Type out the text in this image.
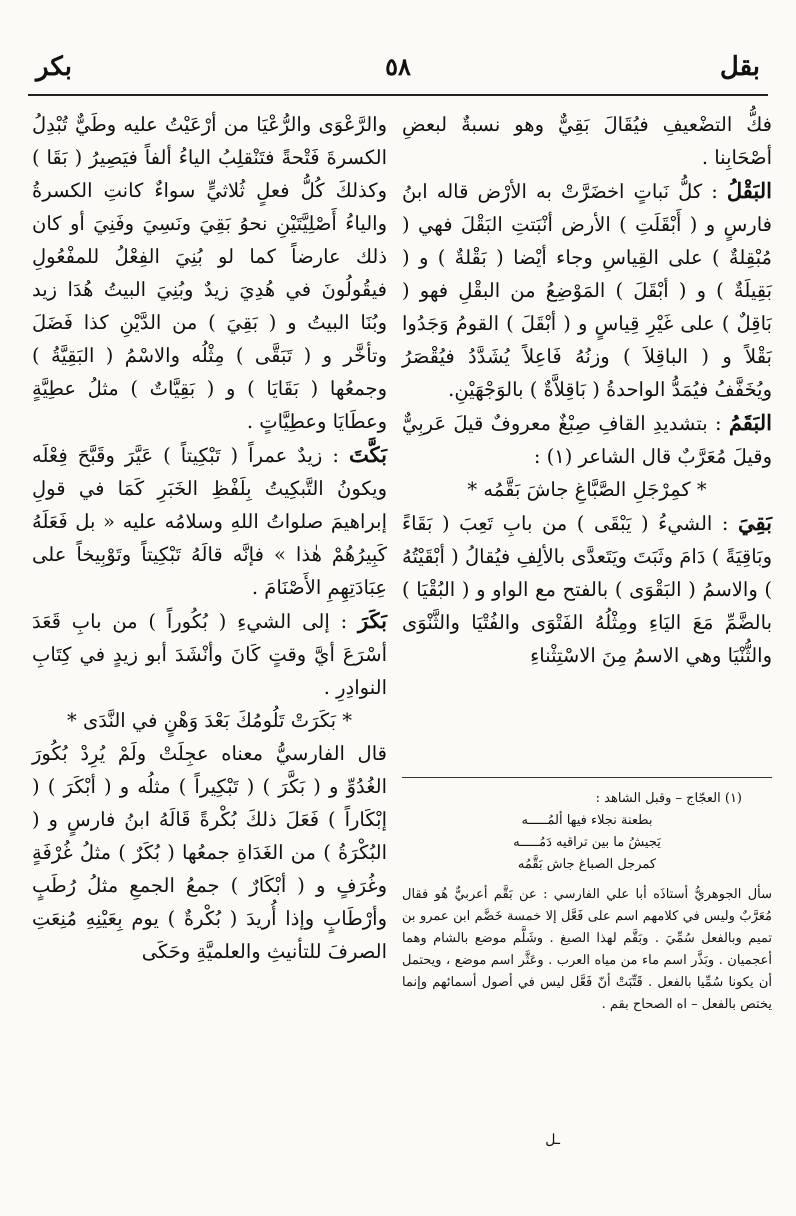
بقل
٥٨
بكر

فكُّ التضْعيفِ فيُقَالَ بَقِيٌّ وهو نسبةٌ لبعضِ أصْحَابِنا .

البَقْلُ : كلُّ نَباتٍ اخضَرَّتْ به الأرْض قاله ابنُ فارسٍ و ( أَبْقَلَتِ ) الأرض أنْبَتتِ البَقْلَ فهي ( مُبْقِلةٌ ) على القِياسِ وجاء أيْضا ( بَقْلةٌ ) و ( بَقِيلَةٌ ) و ( أبْقَلَ ) المَوْضِعُ من البقْلِ فهو ( بَاقِلٌ ) على غَيْرِ قِياسٍ و ( أبْقَلَ ) القومُ وَجَدُوا بَقْلاً و ( الباقِلاَ ) وزنُهُ فَاعِلاً يُشَدَّدُ فيُقْصَرُ ويُخَفَّفُ فيُمَدُّ الواحدةُ ( بَاقِلاَّةٌ ) بالوَجْهَيْنِ.

البَقَمُ : بتشديدِ القافِ صِبْغٌ معروفٌ قيلَ عَربِيٌّ وقيلَ مُعَرَّبٌ قال الشاعر (١) :

* كمِرْجَلِ الصَّبَّاغِ جاشَ بَقَّمُه *

بَقِيَ : الشيءُ ( يَبْقَى ) من بابِ تَعِبَ ( بَقَاءً وبَاقِيَةً ) دَامَ وثَبَتَ ويَتَعدَّى بالألِفِ فيُقالُ ( أبْقَيْتُهُ ) والاسمُ ( البَقْوَى ) بالفتح مع الواو و ( البُقْيَا ) بالضَّمِّ مَعَ اليَاءِ ومِثْلُهُ الفَتْوَى والفُتْيَا والثَّنْوَى والثُّنْيَا وهي الاسمُ مِنَ الاسْتِثْناءِ

(١) العجّاج – وقبل الشاهد :

بطعنة نجلاء فيها ألمُـــــه

يَجيشُ ما بين تراقيه دَمُـــــه

كمرجل الصباغ جاش بَقَّمُه

سأل الجوهريُّ أستاذَه أبا علي الفارسي : عن بَقَّم أعربيٌّ هُو فقال مُعَرَّبٌ وليس في كلامهم اسم على فَعَّل إلا خمسة خَضَّم ابن عمرو بن تميم وبالفعل سُمِّيَ . وبَقَّم لهذا الصبغ . وشَلَّم موضع بالشام وهما أعجميان . وبَذَّر اسم ماء من مياه العرب . وعَثَّر اسم موضع ، ويحتمل أن يكونا سُمِّيا بالفعل . قَتِّبَتْ أنّ فَعَّل ليس في أصول أسمائهم وإنما يختص بالفعل – اه الصحاح بقم .

والرَّعْوَى والرُّعْيَا من أرْعَيْتُ عليه وطَيٌّ تُبْدِلُ الكسرةَ فَتْحةً فتَنْقلِبُ الياءُ ألفاً فيَصِيرُ ( بَقَا ) وكذلكَ كُلُّ فعلٍ ثُلاثيٍّ سواءٌ كانتِ الكسرةُ والياءُ أَصْلِيَّتَيْنِ نحوُ بَقِيَ ونَسِيَ وفَنِيَ أو كان ذلك عارضاً كما لو بُنِيَ الفِعْلُ للمفْعُولِ فيقُولُونَ في هُدِيَ زيدٌ وبُنِيَ البيتُ هُدَا زيد وبُنَا البيتُ و ( بَقِيَ ) من الدَّيْنِ كذا فَضَلَ وتأخَّر و ( تَبَقَّى ) مِثْلُه والاسْمُ ( البَقِيَّةُ ) وجمعُها ( بَقَايَا ) و ( بَقِيَّاتٌ ) مثلُ عطِيَّةٍ وعطَايَا وعطِيَّاتٍ .

بَكَّتَ : زيدٌ عمراً ( تَبْكِيتاً ) عَيَّرَ وقَبَّحَ فِعْلَه ويكونُ التَّبكِيتُ بِلَفْظِ الخَبَرِ كَمَا في قولِ إبراهيمَ صلواتُ اللهِ وسلامُه عليه « بل فَعَلَهُ كَبِيرُهُمْ هٰذا » فإنَّه قالَهُ تَبْكِيتاً وتَوْبِيخاً على عِبَادَتِهِمِ الأَصْنَامَ .

بَكَرَ : إلى الشيءِ ( بُكُوراً ) من بابِ قَعَدَ أسْرَعَ أيَّ وقتٍ كَانَ وأنْشَدَ أبو زيدٍ في كِتَابِ النوادِرِ .

* بَكَرَتْ تَلُومُكَ بَعْدَ وَهْنٍ في النَّدَى *

قال الفارسيُّ معناه عجِلَتْ ولَمْ يُرِدْ بُكُورَ الغُدُوِّ و ( بَكَّرَ ) ( تَبْكِيراً ) مثلُه و ( أبْكَرَ ) ( إبْكَاراً ) فَعَلَ ذلكَ بُكْرةً قَالَهُ ابنُ فارسٍ و ( البُكْرَةُ ) من الغَدَاةِ جمعُها ( بُكَرٌ ) مثلُ غُرْفَةٍ وغُرَفٍ و ( أبْكَارٌ ) جمعُ الجمعِ مثلُ رُطَبٍ وأرْطَابٍ وإذا أُريدَ ( بُكْرةٌ ) يوم بِعَيْنِهِ مُنِعَتِ الصرفَ للتأنيثِ والعلميَّةِ وحَكَى

ـل
